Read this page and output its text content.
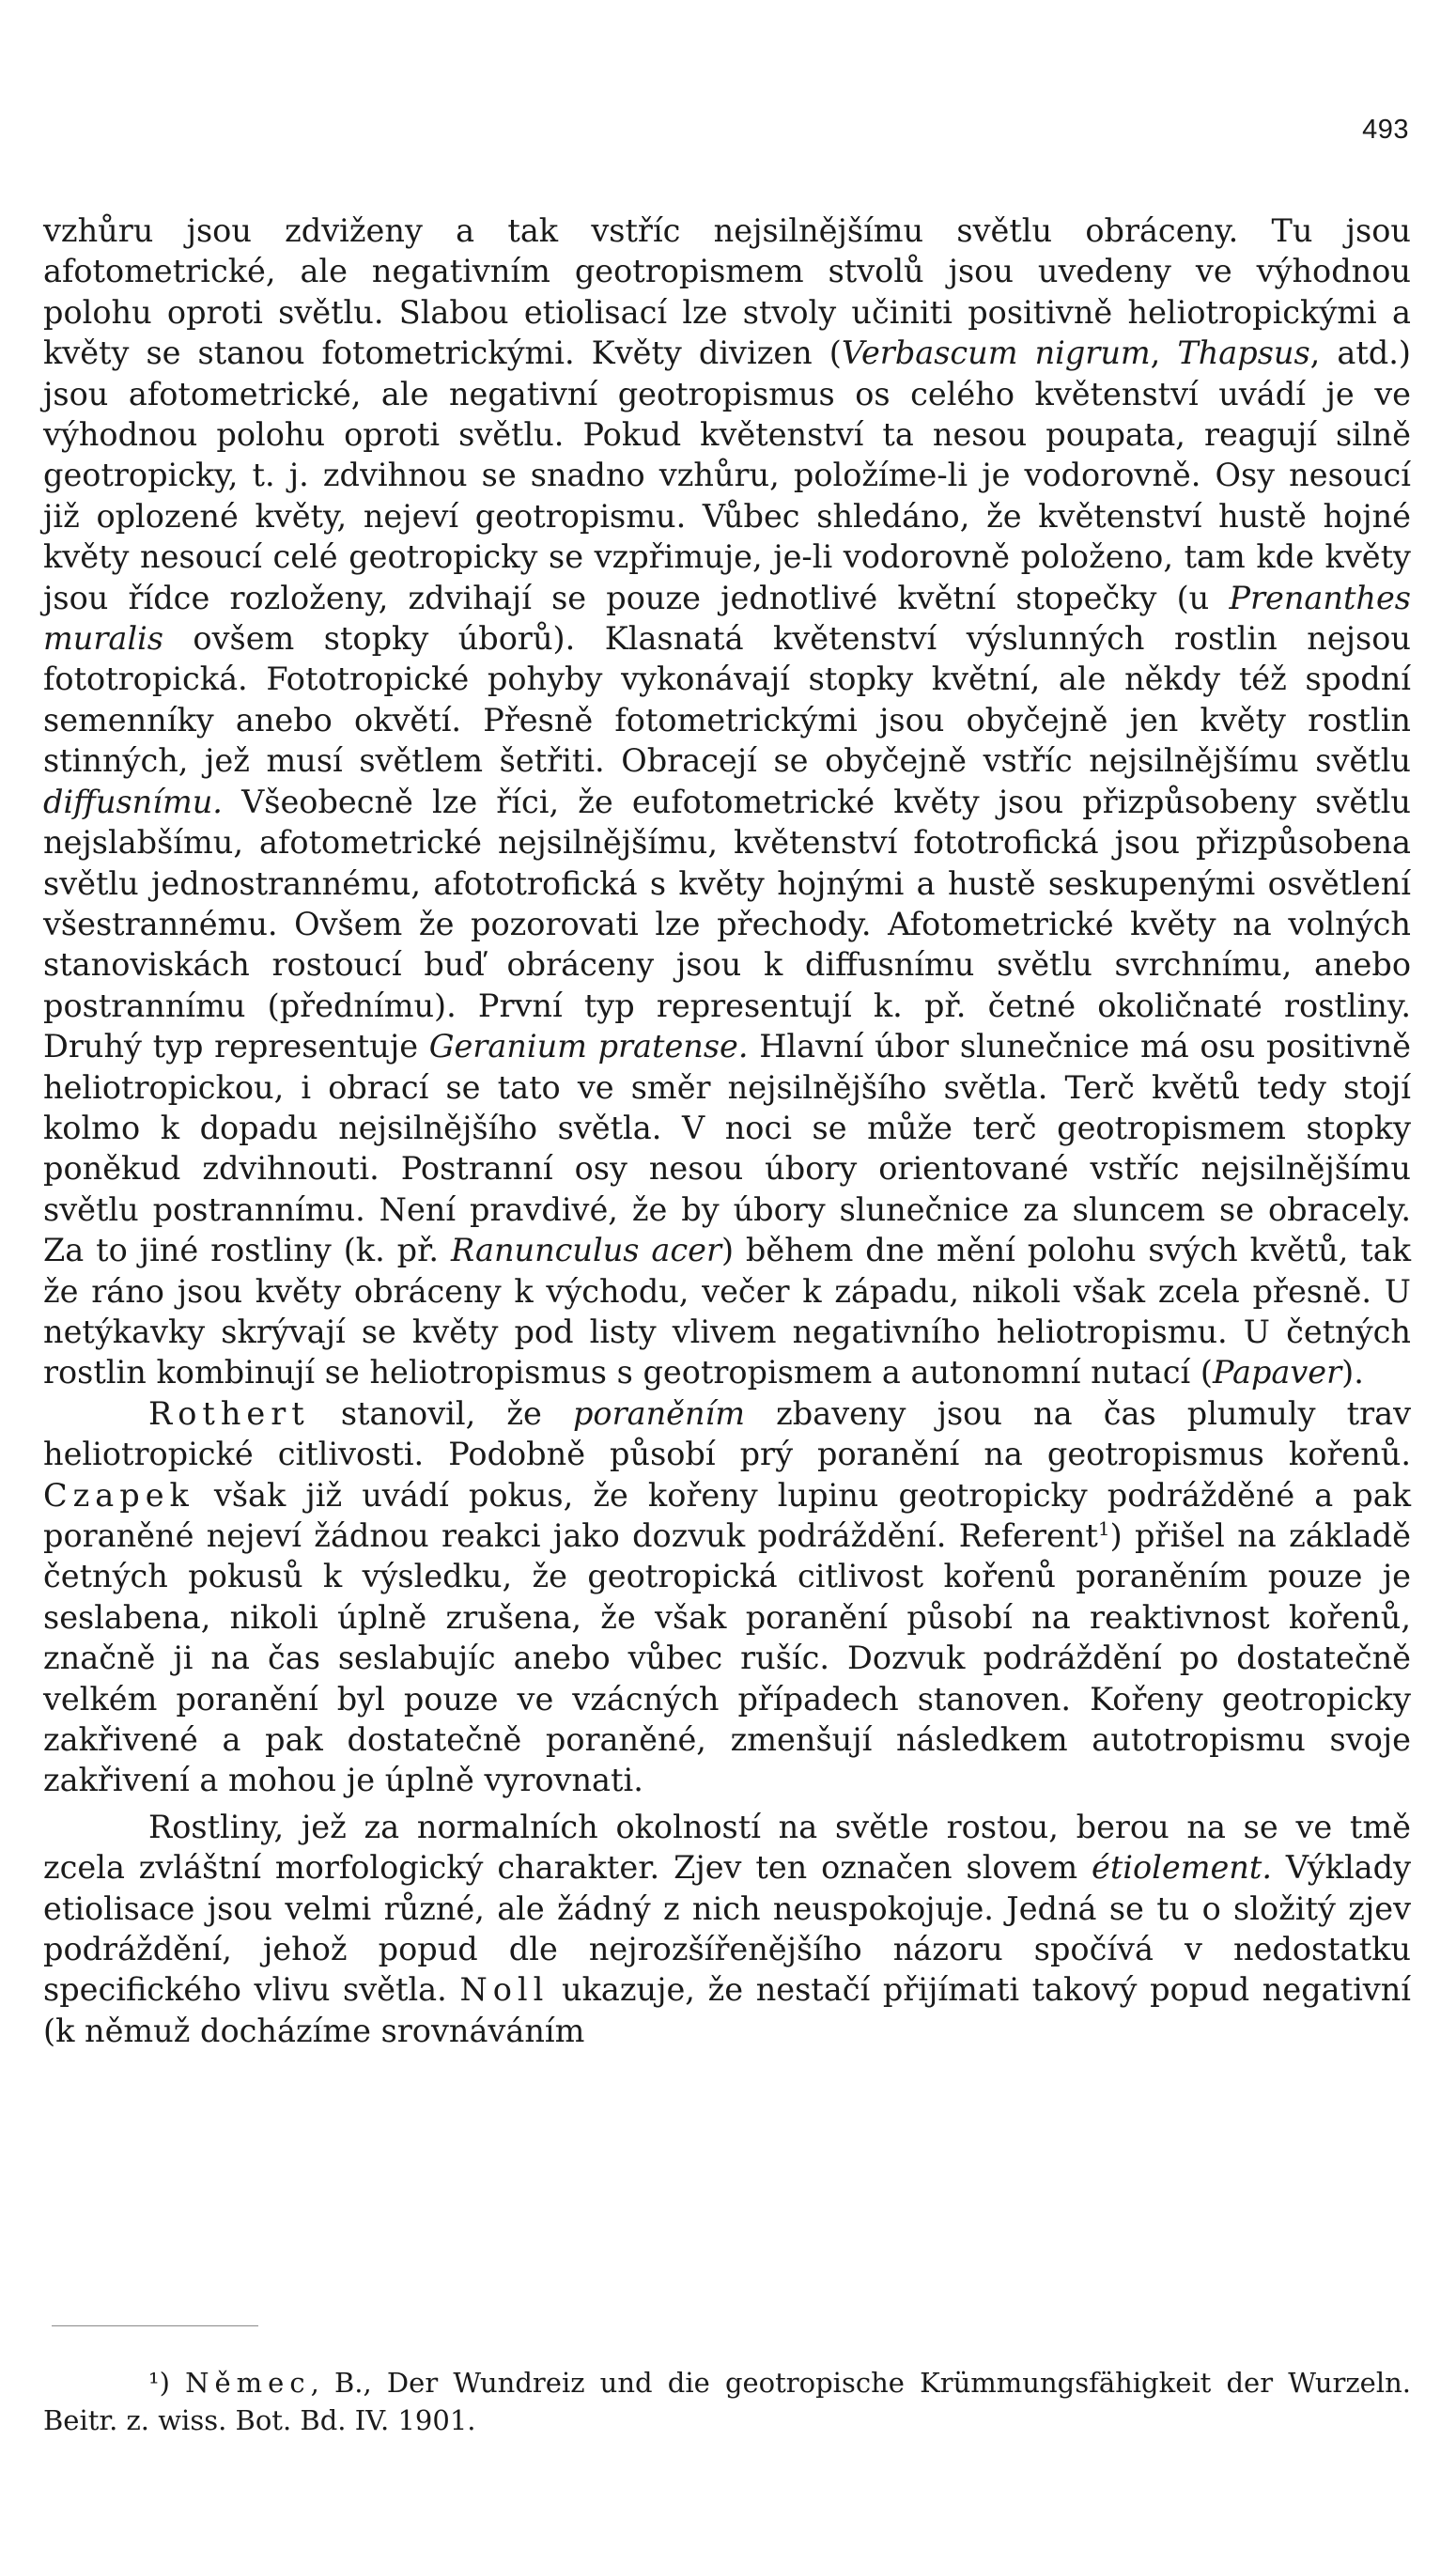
493

vzhůru jsou zdviženy a tak vstříc nejsilnějšímu světlu obráceny. Tu jsou afotometrické, ale negativním geotropismem stvolů jsou uvedeny ve výhodnou polohu oproti světlu. Slabou etiolisací lze stvoly učiniti positivně heliotropickými a květy se stanou fotometrickými. Květy divizen (Verbascum nigrum, Thapsus, atd.) jsou afotometrické, ale negativní geotropismus os celého květenství uvádí je ve výhodnou polohu oproti světlu. Pokud květenství ta nesou poupata, reagují silně geotropicky, t. j. zdvihnou se snadno vzhůru, položíme-li je vodorovně. Osy nesoucí již oplozené květy, nejeví geotropismu. Vůbec shledáno, že květenství hustě hojné květy nesoucí celé geotropicky se vzpřimuje, je-li vodorovně položeno, tam kde květy jsou řídce rozloženy, zdvihají se pouze jednotlivé květní stopečky (u Prenanthes muralis ovšem stopky úborů). Klasnatá květenství výslunných rostlin nejsou fototropická. Fototropické pohyby vykonávají stopky květní, ale někdy též spodní semenníky anebo okvětí. Přesně fotometrickými jsou obyčejně jen květy rostlin stinných, jež musí světlem šetřiti. Obracejí se obyčejně vstříc nejsilnějšímu světlu diffusnímu. Všeobecně lze říci, že eufotometrické květy jsou přizpůsobeny světlu nejslabšímu, afotometrické nejsilnějšímu, květenství fototrofická jsou přizpůsobena světlu jednostrannému, afototrofická s květy hojnými a hustě seskupenými osvětlení všestrannému. Ovšem že pozorovati lze přechody. Afotometrické květy na volných stanoviskách rostoucí buď obráceny jsou k diffusnímu světlu svrchnímu, anebo postrannímu (přednímu). První typ representují k. př. četné okoličnaté rostliny. Druhý typ representuje Geranium pratense. Hlavní úbor slunečnice má osu positivně heliotropickou, i obrací se tato ve směr nejsilnějšího světla. Terč květů tedy stojí kolmo k dopadu nejsilnějšího světla. V noci se může terč geotropismem stopky poněkud zdvihnouti. Postranní osy nesou úbory orientované vstříc nejsilnějšímu světlu postrannímu. Není pravdivé, že by úbory slunečnice za sluncem se obracely. Za to jiné rostliny (k. př. Ranunculus acer) během dne mění polohu svých květů, tak že ráno jsou květy obráceny k východu, večer k západu, nikoli však zcela přesně. U netýkavky skrývají se květy pod listy vlivem negativního heliotropismu. U četných rostlin kombinují se heliotropismus s geotropismem a autonomní nutací (Papaver).

Rothert stanovil, že poraněním zbaveny jsou na čas plumuly trav heliotropické citlivosti. Podobně působí prý poranění na geotropismus kořenů. Czapek však již uvádí pokus, že kořeny lupinu geotropicky podrážděné a pak poraněné nejeví žádnou reakci jako dozvuk podráždění. Referent$^1$) přišel na základě četných pokusů k výsledku, že geotropická citlivost kořenů poraněním pouze je seslabena, nikoli úplně zrušena, že však poranění působí na reaktivnost kořenů, značně ji na čas seslabujíc anebo vůbec rušíc. Dozvuk podráždění po dostatečně velkém poranění byl pouze ve vzácných případech stanoven. Kořeny geotropicky zakřivené a pak dostatečně poraněné, zmenšují následkem autotropismu svoje zakřivení a mohou je úplně vyrovnati.

Rostliny, jež za normalních okolností na světle rostou, berou na se ve tmě zcela zvláštní morfologický charakter. Zjev ten označen slovem étiolement. Výklady etiolisace jsou velmi různé, ale žádný z nich neuspokojuje. Jedná se tu o složitý zjev podráždění, jehož popud dle nejrozšířenějšího názoru spočívá v nedostatku specifického vlivu světla. Noll ukazuje, že nestačí přijímati takový popud negativní (k němuž docházíme srovnáváním

¹) Němec, B., Der Wundreiz und die geotropische Krümmungsfähigkeit der Wurzeln. Beitr. z. wiss. Bot. Bd. IV. 1901.
